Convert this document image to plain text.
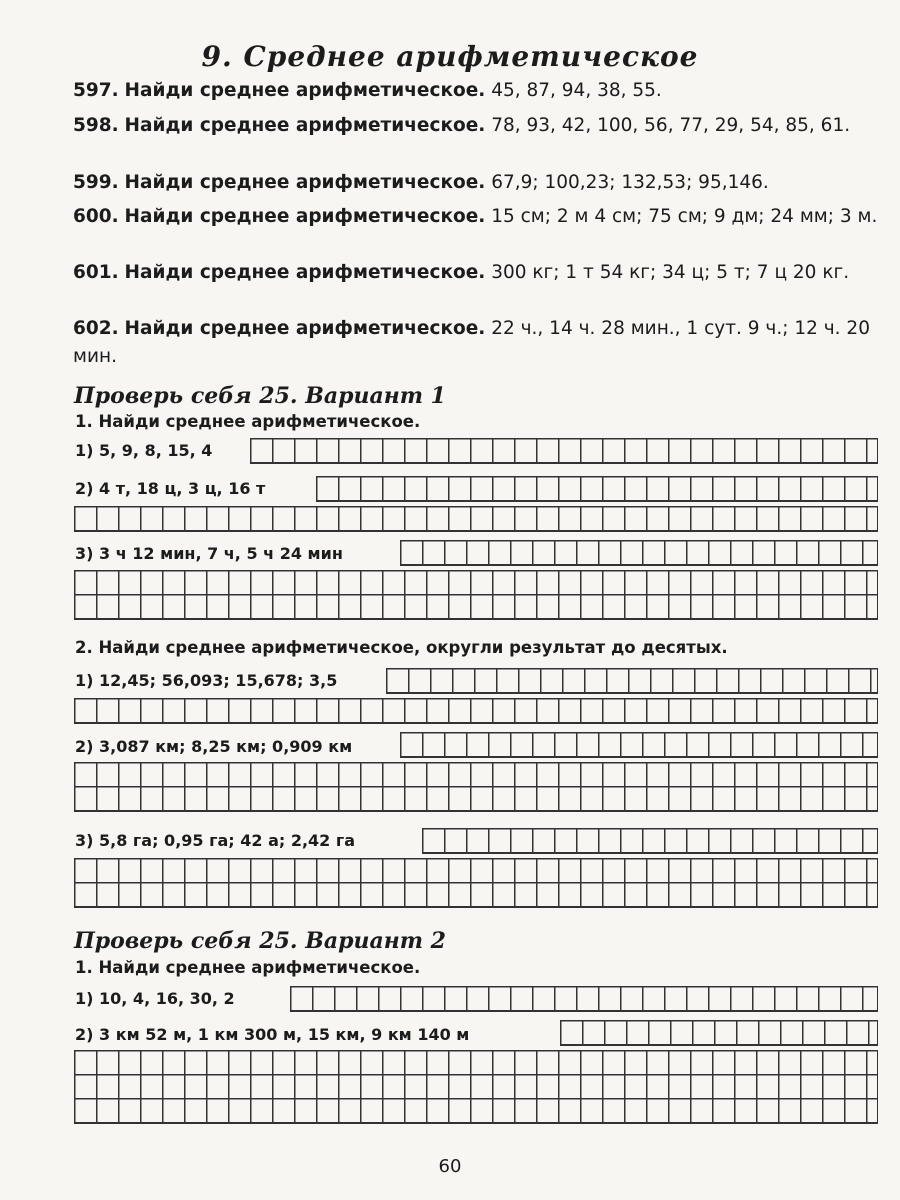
9. Среднее арифметическое
597. Найди среднее арифметическое. 45, 87, 94, 38, 55.
598. Найди среднее арифметическое. 78, 93, 42, 100, 56, 77, 29, 54, 85, 61.
599. Найди среднее арифметическое. 67,9; 100,23; 132,53; 95,146.
600. Найди среднее арифметическое. 15 см; 2 м 4 см; 75 см; 9 дм; 24 мм; 3 м.
601. Найди среднее арифметическое. 300 кг; 1 т 54 кг; 34 ц; 5 т; 7 ц 20 кг.
602. Найди среднее арифметическое. 22 ч., 14 ч. 28 мин., 1 сут. 9 ч.; 12 ч. 20 мин.
Проверь себя 25. Вариант 1
1. Найди среднее арифметическое.
1) 5, 9, 8, 15, 4
2) 4 т, 18 ц, 3 ц, 16 т
3) 3 ч 12 мин, 7 ч, 5 ч 24 мин
2. Найди среднее арифметическое, округли результат до десятых.
1) 12,45; 56,093; 15,678; 3,5
2) 3,087 км; 8,25 км; 0,909 км
3) 5,8 га; 0,95 га; 42 а; 2,42 га
Проверь себя 25. Вариант 2
1. Найди среднее арифметическое.
1) 10, 4, 16, 30, 2
2) 3 км 52 м, 1 км 300 м, 15 км, 9 км 140 м
60
